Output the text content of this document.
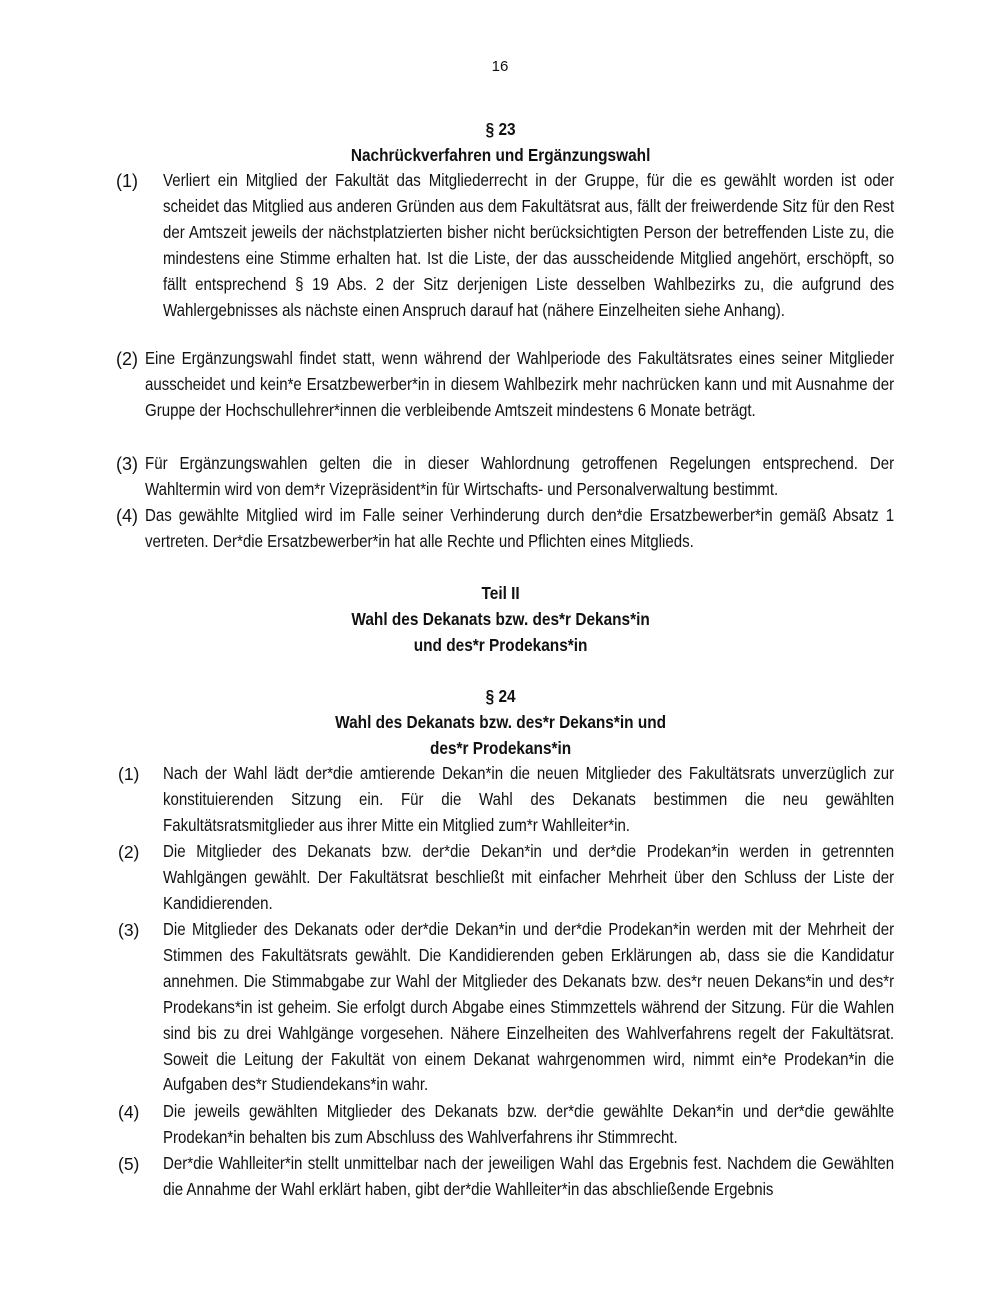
16
§ 23
Nachrückverfahren und Ergänzungswahl
(1) Verliert ein Mitglied der Fakultät das Mitgliederrecht in der Gruppe, für die es gewählt worden ist oder scheidet das Mitglied aus anderen Gründen aus dem Fakultätsrat aus, fällt der freiwerdende Sitz für den Rest der Amtszeit jeweils der nächstplatzierten bisher nicht berücksichtigten Person der betreffenden Liste zu, die mindestens eine Stimme erhalten hat. Ist die Liste, der das ausscheidende Mitglied angehört, erschöpft, so fällt entsprechend § 19 Abs. 2 der Sitz derjenigen Liste desselben Wahlbezirks zu, die aufgrund des Wahlergebnisses als nächste einen Anspruch darauf hat (nähere Einzelheiten siehe Anhang).
(2) Eine Ergänzungswahl findet statt, wenn während der Wahlperiode des Fakultätsrates eines seiner Mitglieder ausscheidet und kein*e Ersatzbewerber*in in diesem Wahlbezirk mehr nachrücken kann und mit Ausnahme der Gruppe der Hochschullehrer*innen die verbleibende Amtszeit mindestens 6 Monate beträgt.
(3) Für Ergänzungswahlen gelten die in dieser Wahlordnung getroffenen Regelungen entsprechend. Der Wahltermin wird von dem*r Vizepräsident*in für Wirtschafts- und Personalverwaltung bestimmt.
(4) Das gewählte Mitglied wird im Falle seiner Verhinderung durch den*die Ersatzbewerber*in gemäß Absatz 1 vertreten. Der*die Ersatzbewerber*in hat alle Rechte und Pflichten eines Mitglieds.
Teil II
Wahl des Dekanats bzw. des*r Dekans*in
und des*r Prodekans*in
§ 24
Wahl des Dekanats bzw. des*r Dekans*in und
des*r Prodekans*in
(1) Nach der Wahl lädt der*die amtierende Dekan*in die neuen Mitglieder des Fakultätsrats unverzüglich zur konstituierenden Sitzung ein. Für die Wahl des Dekanats bestimmen die neu gewählten Fakultätsratsmitglieder aus ihrer Mitte ein Mitglied zum*r Wahlleiter*in.
(2) Die Mitglieder des Dekanats bzw. der*die Dekan*in und der*die Prodekan*in werden in getrennten Wahlgängen gewählt. Der Fakultätsrat beschließt mit einfacher Mehrheit über den Schluss der Liste der Kandidierenden.
(3) Die Mitglieder des Dekanats oder der*die Dekan*in und der*die Prodekan*in werden mit der Mehrheit der Stimmen des Fakultätsrats gewählt. Die Kandidierenden geben Erklärungen ab, dass sie die Kandidatur annehmen. Die Stimmabgabe zur Wahl der Mitglieder des Dekanats bzw. des*r neuen Dekans*in und des*r Prodekans*in ist geheim. Sie erfolgt durch Abgabe eines Stimmzettels während der Sitzung. Für die Wahlen sind bis zu drei Wahlgänge vorgesehen. Nähere Einzelheiten des Wahlverfahrens regelt der Fakultätsrat. Soweit die Leitung der Fakultät von einem Dekanat wahrgenommen wird, nimmt ein*e Prodekan*in die Aufgaben des*r Studiendekans*in wahr.
(4) Die jeweils gewählten Mitglieder des Dekanats bzw. der*die gewählte Dekan*in und der*die gewählte Prodekan*in behalten bis zum Abschluss des Wahlverfahrens ihr Stimmrecht.
(5) Der*die Wahlleiter*in stellt unmittelbar nach der jeweiligen Wahl das Ergebnis fest. Nachdem die Gewählten die Annahme der Wahl erklärt haben, gibt der*die Wahlleiter*in das abschließende Ergebnis
